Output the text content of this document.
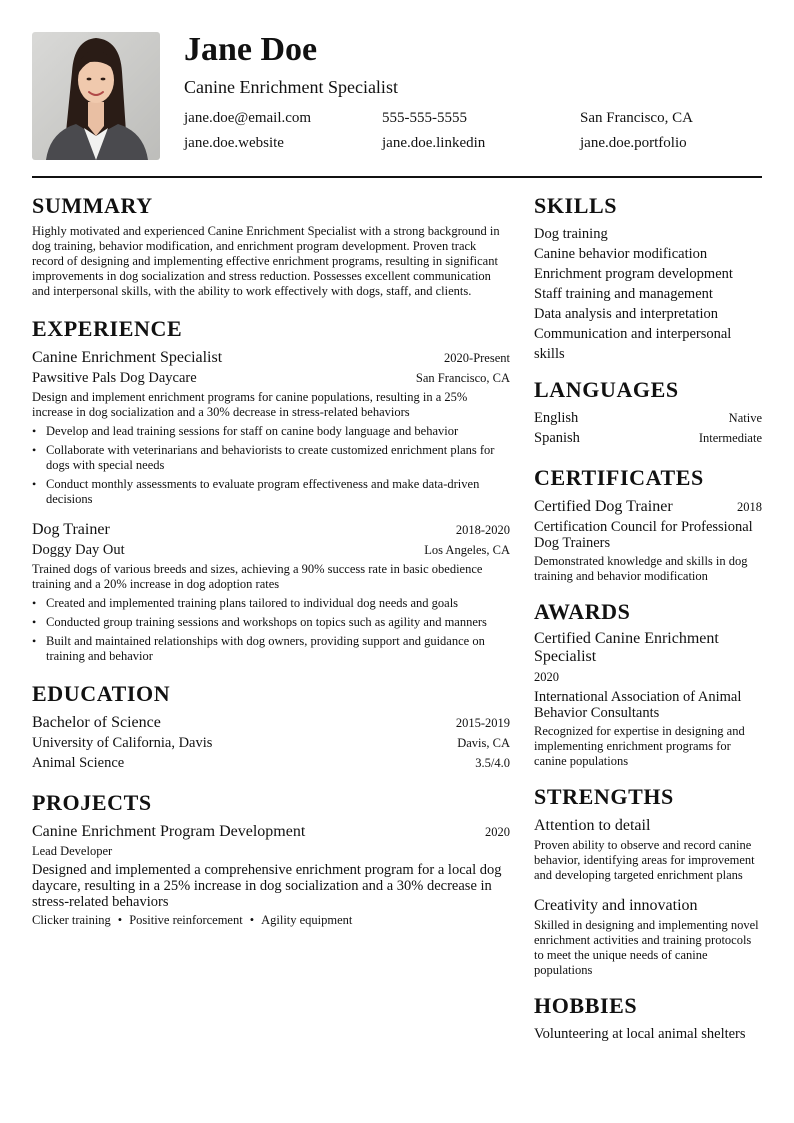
Jane Doe
Canine Enrichment Specialist
jane.doe@email.com	555-555-5555	San Francisco, CA
jane.doe.website	jane.doe.linkedin	jane.doe.portfolio
SUMMARY
Highly motivated and experienced Canine Enrichment Specialist with a strong background in dog training, behavior modification, and enrichment program development. Proven track record of designing and implementing effective enrichment programs, resulting in significant improvements in dog socialization and stress reduction. Possesses excellent communication and interpersonal skills, with the ability to work effectively with dogs, staff, and clients.
EXPERIENCE
Canine Enrichment Specialist	2020-Present
Pawsitive Pals Dog Daycare	San Francisco, CA
Design and implement enrichment programs for canine populations, resulting in a 25% increase in dog socialization and a 30% decrease in stress-related behaviors
• Develop and lead training sessions for staff on canine body language and behavior
• Collaborate with veterinarians and behaviorists to create customized enrichment plans for dogs with special needs
• Conduct monthly assessments to evaluate program effectiveness and make data-driven decisions
Dog Trainer	2018-2020
Doggy Day Out	Los Angeles, CA
Trained dogs of various breeds and sizes, achieving a 90% success rate in basic obedience training and a 20% increase in dog adoption rates
• Created and implemented training plans tailored to individual dog needs and goals
• Conducted group training sessions and workshops on topics such as agility and manners
• Built and maintained relationships with dog owners, providing support and guidance on training and behavior
EDUCATION
Bachelor of Science	2015-2019
University of California, Davis	Davis, CA
Animal Science	3.5/4.0
PROJECTS
Canine Enrichment Program Development	2020
Lead Developer
Designed and implemented a comprehensive enrichment program for a local dog daycare, resulting in a 25% increase in dog socialization and a 30% decrease in stress-related behaviors
Clicker training • Positive reinforcement • Agility equipment
SKILLS
Dog training
Canine behavior modification
Enrichment program development
Staff training and management
Data analysis and interpretation
Communication and interpersonal skills
LANGUAGES
English	Native
Spanish	Intermediate
CERTIFICATES
Certified Dog Trainer	2018
Certification Council for Professional Dog Trainers
Demonstrated knowledge and skills in dog training and behavior modification
AWARDS
Certified Canine Enrichment Specialist
2020
International Association of Animal Behavior Consultants
Recognized for expertise in designing and implementing enrichment programs for canine populations
STRENGTHS
Attention to detail
Proven ability to observe and record canine behavior, identifying areas for improvement and developing targeted enrichment plans
Creativity and innovation
Skilled in designing and implementing novel enrichment activities and training protocols to meet the unique needs of canine populations
HOBBIES
Volunteering at local animal shelters
